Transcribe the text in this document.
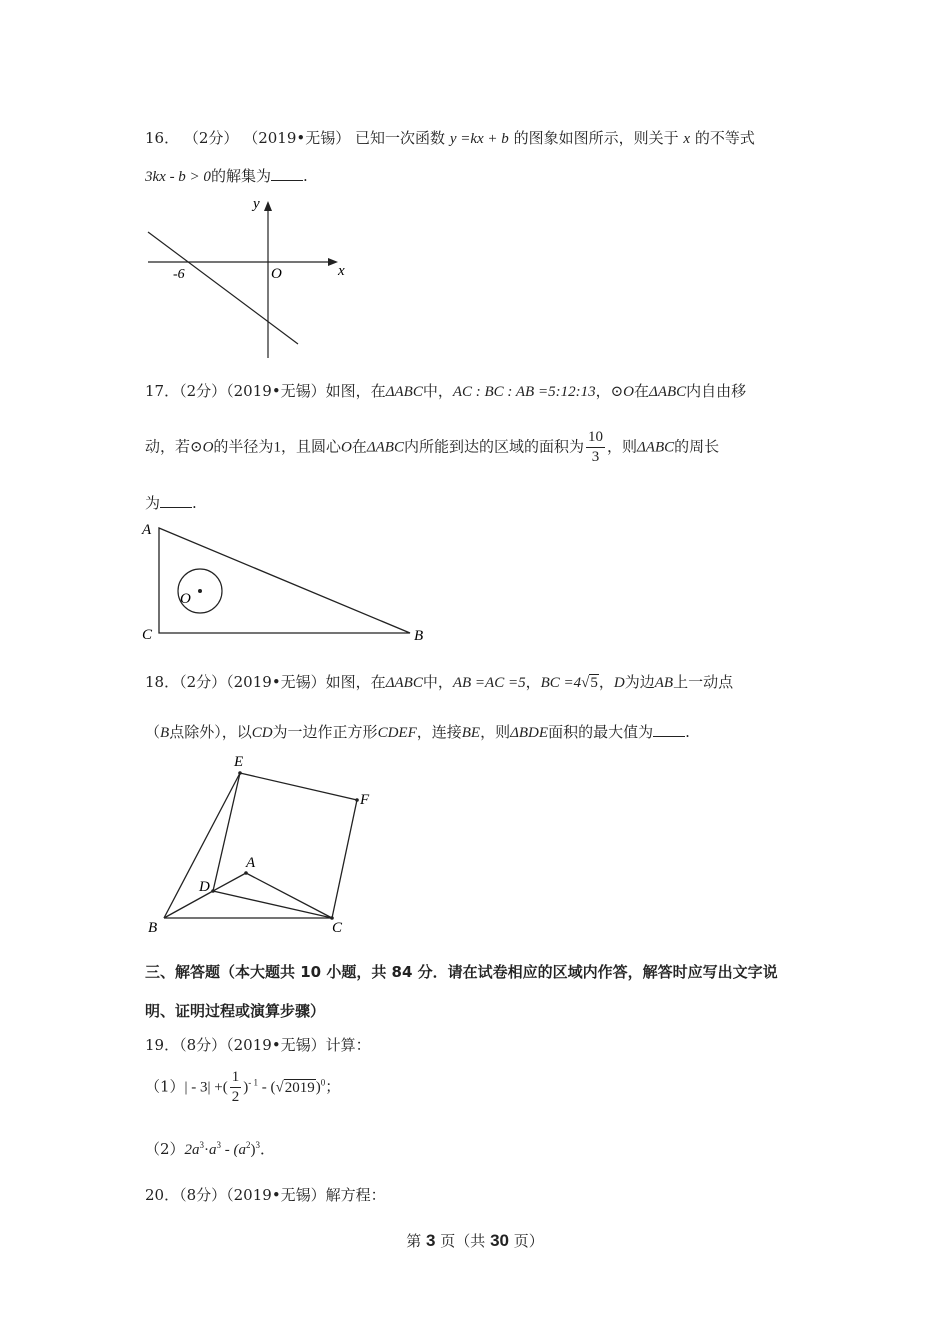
16． （2分） （2019•无锡） 已知一次函数 y =kx + b 的图象如图所示，则关于 x 的不等式
3kx - b > 0的解集为 .
y
x
O
-6
17．（2分）（2019•无锡）如图，在ΔABC中，AC : BC : AB =5:12:13，⊙O在ΔABC内自由移
动，若⊙O的半径为1，且圆心O在ΔABC内所能到达的区域的面积为 $\frac{10}{3}$ ，则ΔABC的周长
为 .
A
C	B
O
18．（2分）（2019•无锡）如图，在ΔABC中，AB =AC =5，BC =4√5，D为边AB上一动点
（B点除外），以CD为一边作正方形CDEF，连接BE，则ΔBDE面积的最大值为 .
E
F
A
D
B	C
三、解答题（本大题共 10 小题，共 84 分．请在试卷相应的区域内作答，解答时应写出文字说
明、证明过程或演算步骤）
19．（8分）（2019•无锡）计算：
（1）| - 3| +( $\frac{1}{2} )^{- 1} - (√2019)^0$；
$(2)2a^3\cdot a^3 - (a^2)^3$．
20．（8分）（2019•无锡）解方程：
第 3 页（共 30 页）
